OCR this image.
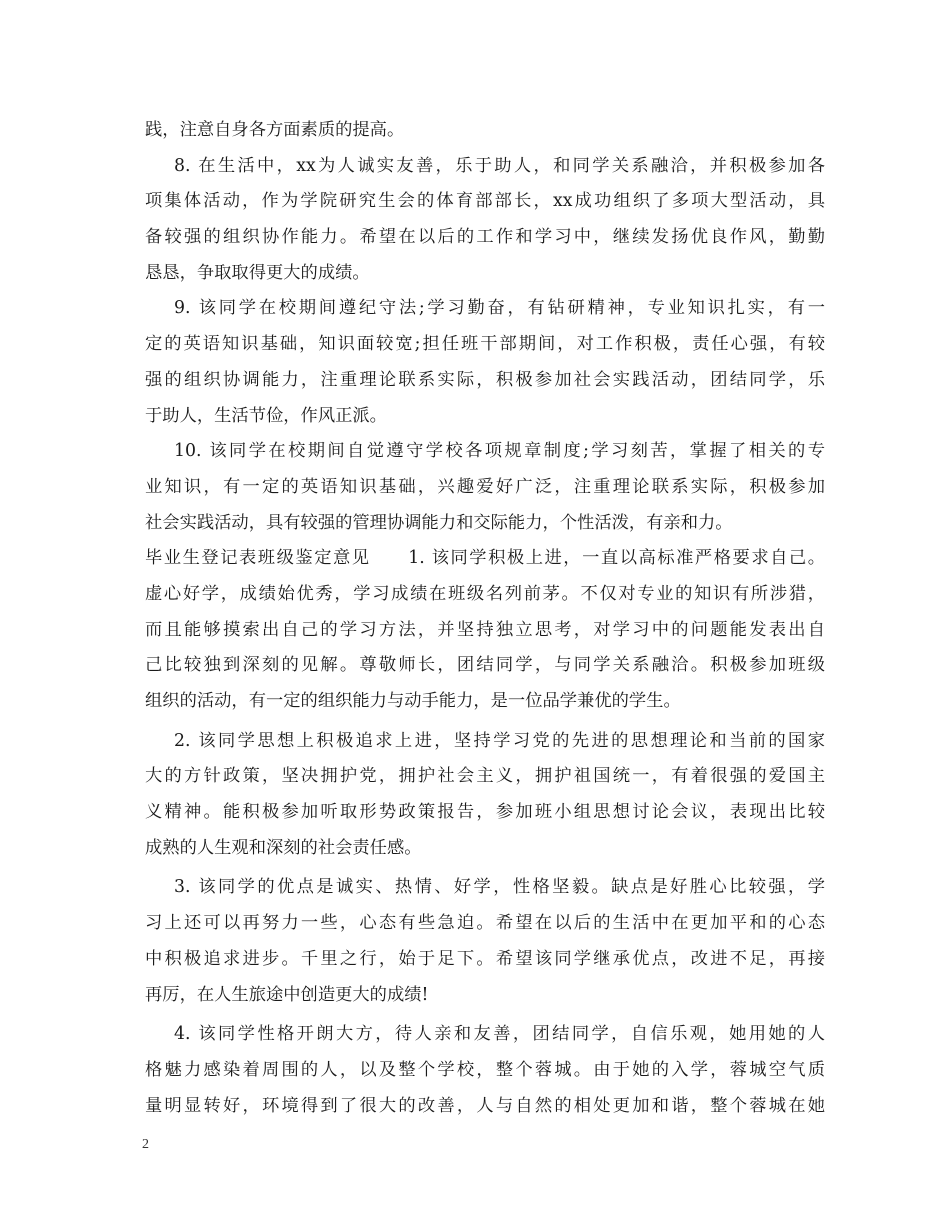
践，注意自身各方面素质的提高。
8. 在生活中，xx为人诚实友善，乐于助人，和同学关系融洽，并积极参加各
项集体活动，作为学院研究生会的体育部部长，xx成功组织了多项大型活动，具
备较强的组织协作能力。希望在以后的工作和学习中，继续发扬优良作风，勤勤
恳恳，争取取得更大的成绩。
9. 该同学在校期间遵纪守法;学习勤奋，有钻研精神，专业知识扎实，有一
定的英语知识基础，知识面较宽;担任班干部期间，对工作积极，责任心强，有较
强的组织协调能力，注重理论联系实际，积极参加社会实践活动，团结同学，乐
于助人，生活节俭，作风正派。
10. 该同学在校期间自觉遵守学校各项规章制度;学习刻苦，掌握了相关的专
业知识，有一定的英语知识基础，兴趣爱好广泛，注重理论联系实际，积极参加
社会实践活动，具有较强的管理协调能力和交际能力，个性活泼，有亲和力。
毕业生登记表班级鉴定意见　　1. 该同学积极上进，一直以高标准严格要求自己。
虚心好学，成绩始优秀，学习成绩在班级名列前茅。不仅对专业的知识有所涉猎，
而且能够摸索出自己的学习方法，并坚持独立思考，对学习中的问题能发表出自
己比较独到深刻的见解。尊敬师长，团结同学，与同学关系融洽。积极参加班级
组织的活动，有一定的组织能力与动手能力，是一位品学兼优的学生。
2. 该同学思想上积极追求上进，坚持学习党的先进的思想理论和当前的国家
大的方针政策，坚决拥护党，拥护社会主义，拥护祖国统一，有着很强的爱国主
义精神。能积极参加听取形势政策报告，参加班小组思想讨论会议，表现出比较
成熟的人生观和深刻的社会责任感。
3. 该同学的优点是诚实、热情、好学，性格坚毅。缺点是好胜心比较强，学
习上还可以再努力一些，心态有些急迫。希望在以后的生活中在更加平和的心态
中积极追求进步。千里之行，始于足下。希望该同学继承优点，改进不足，再接
再厉，在人生旅途中创造更大的成绩!
4. 该同学性格开朗大方，待人亲和友善，团结同学，自信乐观，她用她的人
格魅力感染着周围的人，以及整个学校，整个蓉城。由于她的入学，蓉城空气质
量明显转好，环境得到了很大的改善，人与自然的相处更加和谐，整个蓉城在她
2
